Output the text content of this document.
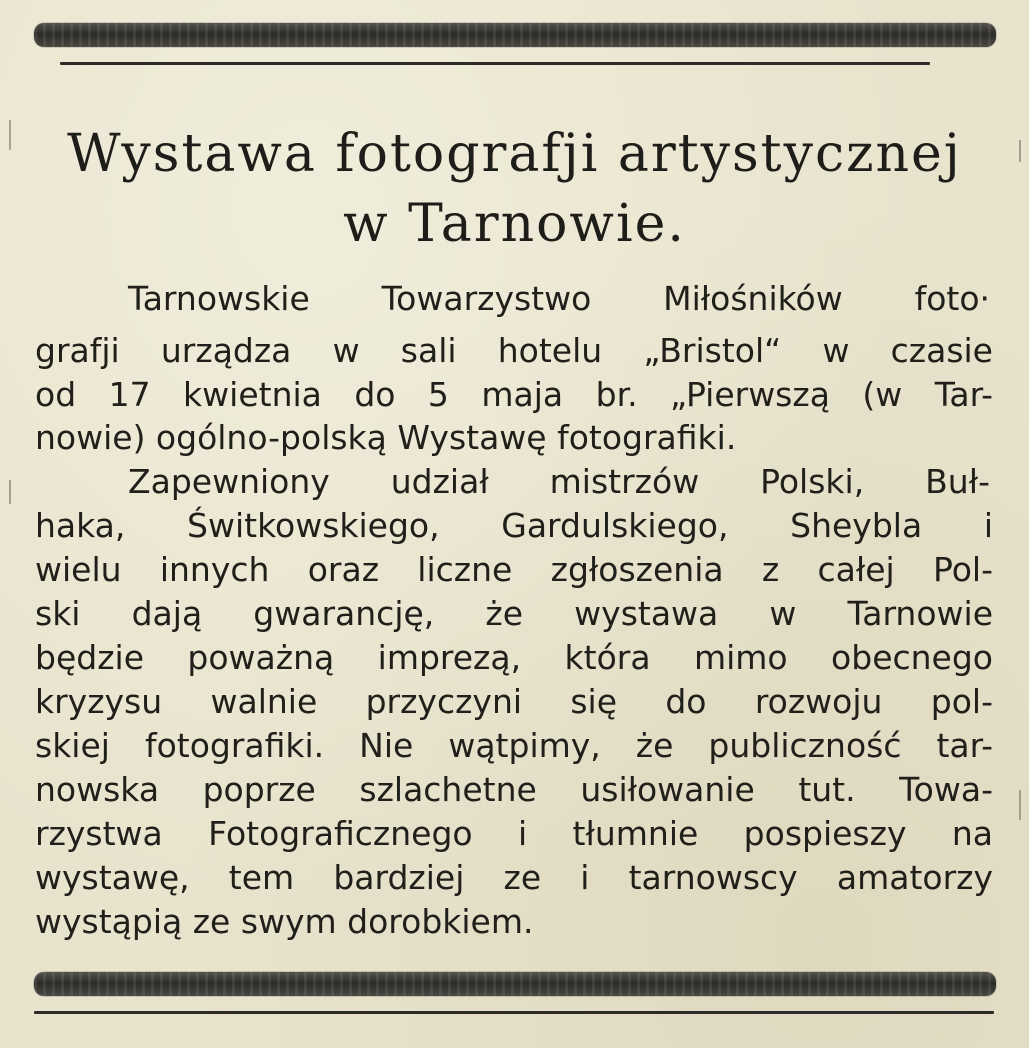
Wystawa fotografji artystycznej
w Tarnowie.
Tarnowskie Towarzystwo Miłośników foto·
grafji urządza w sali hotelu „Bristol“ w czasie
od 17 kwietnia do 5 maja br. „Pierwszą (w Tar-
nowie) ogólno-polską Wystawę fotografiki.
Zapewniony udział mistrzów Polski, Buł-
haka, Świtkowskiego, Gardulskiego, Sheybla i
wielu innych oraz liczne zgłoszenia z całej Pol-
ski dają gwarancję, że wystawa w Tarnowie
będzie poważną imprezą, która mimo obecnego
kryzysu walnie przyczyni się do rozwoju pol-
skiej fotografiki. Nie wątpimy, że publiczność tar-
nowska poprze szlachetne usiłowanie tut. Towa-
rzystwa Fotograficznego i tłumnie pospieszy na
wystawę, tem bardziej ze i tarnowscy amatorzy
wystąpią ze swym dorobkiem.
